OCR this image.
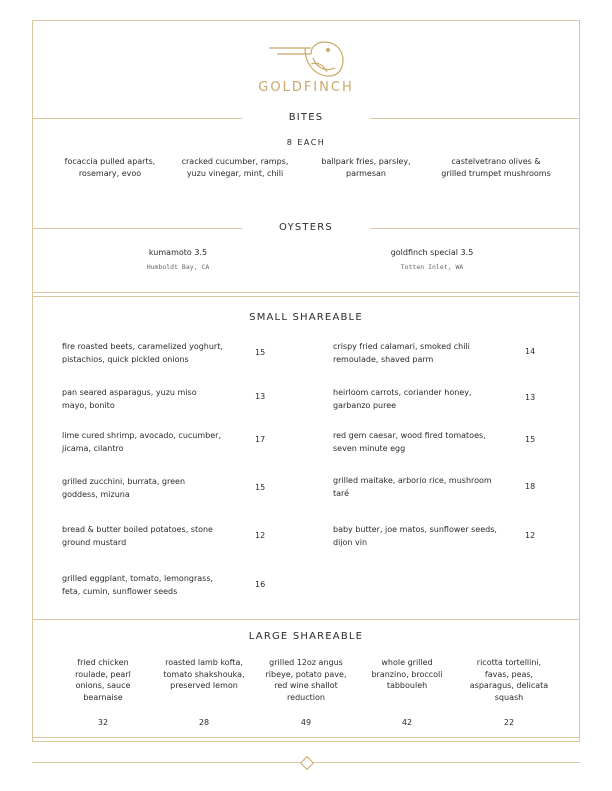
GOLDFINCH
BITES
8 EACH
focaccia pulled aparts,
rosemary, evoo
cracked cucumber, ramps,
yuzu vinegar, mint, chili
ballpark fries, parsley,
parmesan
castelvetrano olives &
grilled trumpet mushrooms
OYSTERS
kumamoto 3.5
Humboldt Bay, CA
goldfinch special 3.5
Totten Inlet, WA
SMALL SHAREABLE
fire roasted beets, caramelized yoghurt,
pistachios, quick pickled onions
15
pan seared asparagus, yuzu miso
mayo, bonito
13
lime cured shrimp, avocado, cucumber,
jicama, cilantro
17
grilled zucchini, burrata, green
goddess, mizuna
15
bread & butter boiled potatoes, stone
ground mustard
12
grilled eggplant, tomato, lemongrass,
feta, cumin, sunflower seeds
16
crispy fried calamari, smoked chili
remoulade, shaved parm
14
heirloom carrots, coriander honey,
garbanzo puree
13
red gem caesar, wood fired tomatoes,
seven minute egg
15
grilled maitake, arborio rice, mushroom
taré
18
baby butter, joe matos, sunflower seeds,
dijon vin
12
LARGE SHAREABLE
fried chicken
roulade, pearl
onions, sauce
bearnaise
32
roasted lamb kofta,
tomato shakshouka,
preserved lemon
28
grilled 12oz angus
ribeye, potato pave,
red wine shallot
reduction
49
whole grilled
branzino, broccoli
tabbouleh
42
ricotta tortellini,
favas, peas,
asparagus, delicata
squash
22
